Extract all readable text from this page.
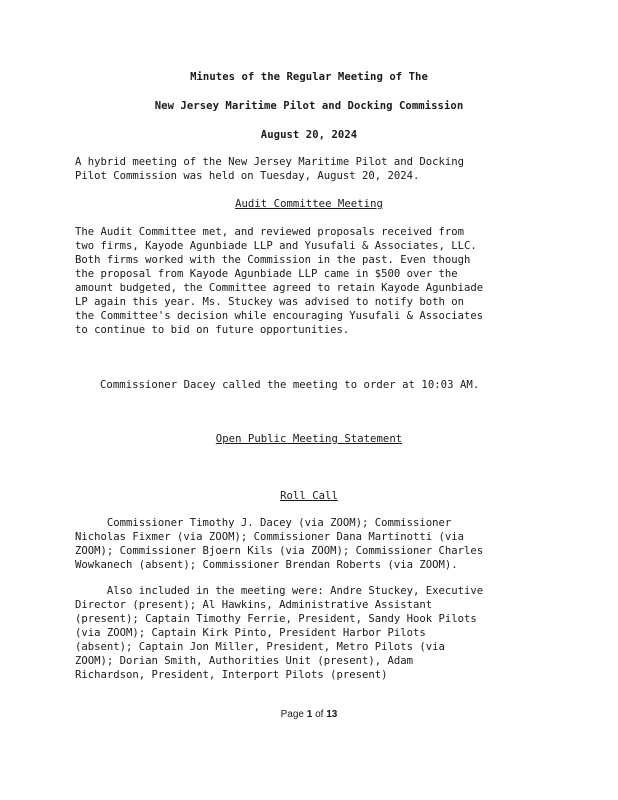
Minutes of the Regular Meeting of The
New Jersey Maritime Pilot and Docking Commission
August 20, 2024
A hybrid meeting of the New Jersey Maritime Pilot and Docking
Pilot Commission was held on Tuesday, August 20, 2024.
Audit Committee Meeting
The Audit Committee met, and reviewed proposals received from
two firms, Kayode Agunbiade LLP and Yusufali & Associates, LLC.
Both firms worked with the Commission in the past. Even though
the proposal from Kayode Agunbiade LLP came in $500 over the
amount budgeted, the Committee agreed to retain Kayode Agunbiade
LP again this year. Ms. Stuckey was advised to notify both on
the Committee's decision while encouraging Yusufali & Associates
to continue to bid on future opportunities.
Commissioner Dacey called the meeting to order at 10:03 AM.
Open Public Meeting Statement
Roll Call
Commissioner Timothy J. Dacey (via ZOOM); Commissioner
Nicholas Fixmer (via ZOOM); Commissioner Dana Martinotti (via
ZOOM); Commissioner Bjoern Kils (via ZOOM); Commissioner Charles
Wowkanech (absent); Commissioner Brendan Roberts (via ZOOM).
Also included in the meeting were: Andre Stuckey, Executive
Director (present); Al Hawkins, Administrative Assistant
(present); Captain Timothy Ferrie, President, Sandy Hook Pilots
(via ZOOM); Captain Kirk Pinto, President Harbor Pilots
(absent); Captain Jon Miller, President, Metro Pilots (via
ZOOM); Dorian Smith, Authorities Unit (present), Adam
Richardson, President, Interport Pilots (present)
Page 1 of 13
